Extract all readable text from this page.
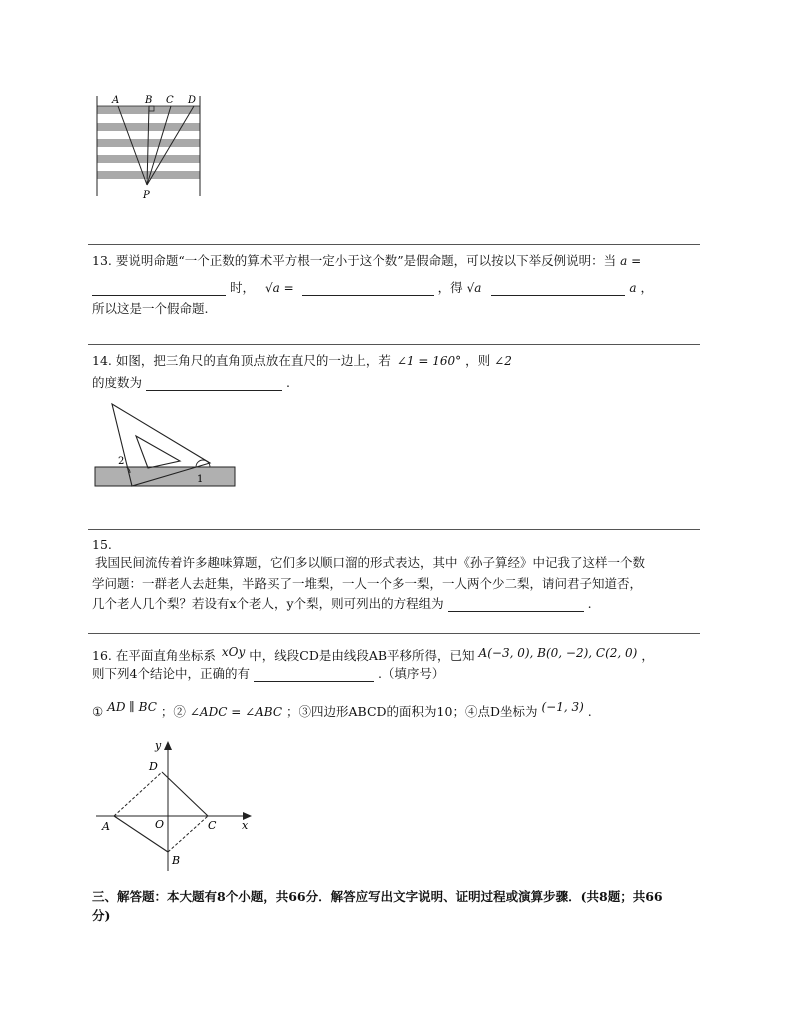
A	B C D
P
13. 要说明命题“一个正数的算术平方根一定小于这个数”是假命题，可以按以下举反例说明：当 a =
时， √a =	，得 √a	a ，
所以这是一个假命题.
14. 如图，把三角尺的直角顶点放在直尺的一边上，若 ∠1 = 160° ，则 ∠2
的度数为	.
2
1
15.
我国民间流传着许多趣味算题，它们多以顺口溜的形式表达，其中《孙子算经》中记我了这样一个数
学问题：一群老人去赶集，半路买了一堆梨，一人一个多一梨，一人两个少二梨，请问君子知道否，
几个老人几个梨？若设有x个老人，y个梨，则可列出的方程组为	.
16. 在平面直角坐标系 xOy 中，线段CD是由线段AB平移所得，已知 A(−3, 0), B(0, −2), C(2, 0) ，
则下列4个结论中，正确的有	.（填序号）
① AD ∥ BC ；② ∠ADC = ∠ABC ；③四边形ABCD的面积为10；④点D坐标为 (−1, 3) .
y
x
D
A	O	C
B
三、解答题：本大题有8个小题，共66分．解答应写出文字说明、证明过程或演算步骤．(共8题；共66
分)
